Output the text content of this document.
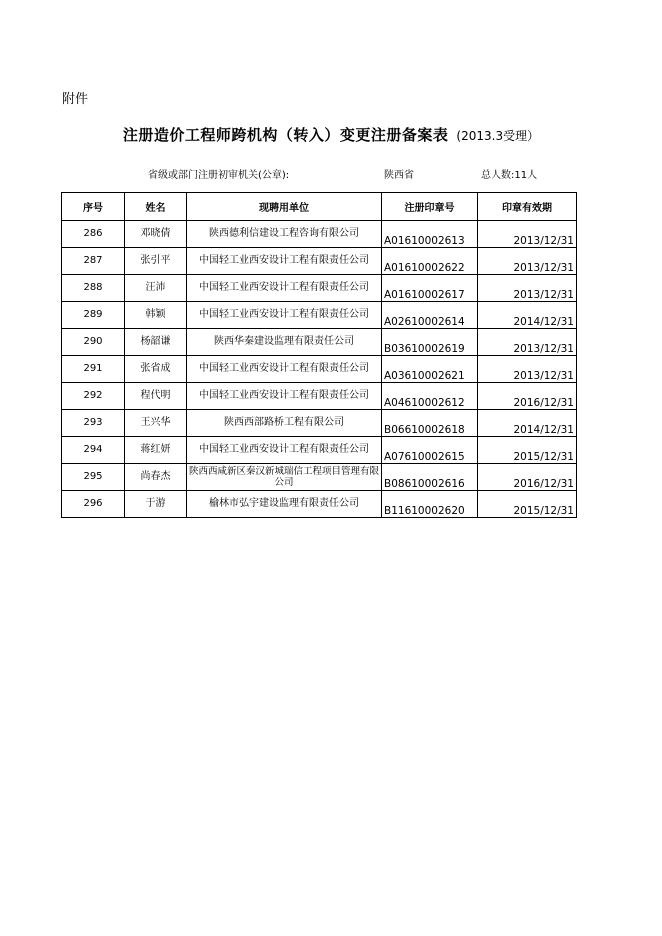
附件
注册造价工程师跨机构（转入）变更注册备案表 (2013.3受理）
省级或部门注册初审机关(公章):	陕西省	总人数:11人
序号	姓名	现聘用单位	注册印章号	印章有效期
286	邓晓倩	陕西德利信建设工程咨询有限公司	A01610002613	2013/12/31
287	张引平	中国轻工业西安设计工程有限责任公司	A01610002622	2013/12/31
288	汪沛	中国轻工业西安设计工程有限责任公司	A01610002617	2013/12/31
289	韩颖	中国轻工业西安设计工程有限责任公司	A02610002614	2014/12/31
290	杨韶谦	陕西华秦建设监理有限责任公司	B03610002619	2013/12/31
291	张省成	中国轻工业西安设计工程有限责任公司	A03610002621	2013/12/31
292	程代明	中国轻工业西安设计工程有限责任公司	A04610002612	2016/12/31
293	王兴华	陕西西部路桥工程有限公司	B06610002618	2014/12/31
294	蒋红妍	中国轻工业西安设计工程有限责任公司	A07610002615	2015/12/31
295	尚春杰	陕西西咸新区秦汉新城瑞信工程项目管理有限公司	B08610002616	2016/12/31
296	于游	榆林市弘宇建设监理有限责任公司	B11610002620	2015/12/31
